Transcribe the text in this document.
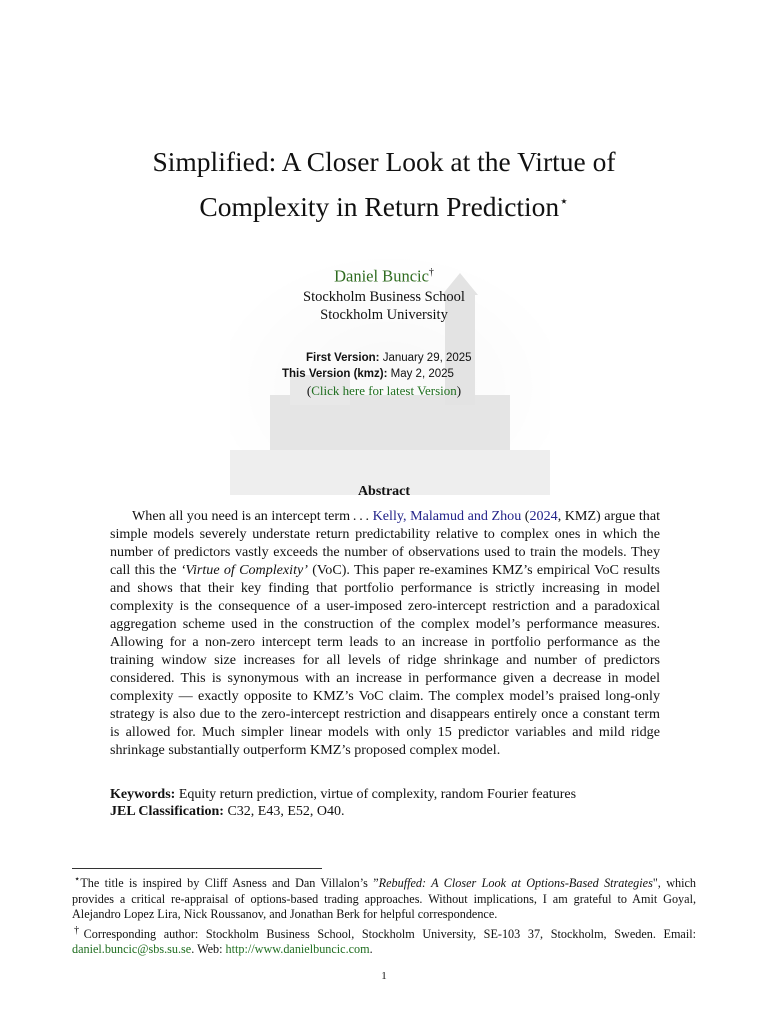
Simplified: A Closer Look at the Virtue of
Complexity in Return Prediction⋆
Daniel Buncic†
Stockholm Business School
Stockholm University
First Version: January 29, 2025
This Version (kmz): May 2, 2025
(Click here for latest Version)
Abstract
When all you need is an intercept term . . . Kelly, Malamud and Zhou (2024, KMZ) argue that simple models severely understate return predictability relative to complex ones in which the number of predictors vastly exceeds the number of observations used to train the models. They call this the ‘Virtue of Complexity’ (VoC). This paper re-examines KMZ’s empirical VoC results and shows that their key finding that portfolio performance is strictly increasing in model complexity is the consequence of a user-imposed zero-intercept restriction and a paradoxical aggregation scheme used in the construction of the complex model’s performance measures. Allowing for a non-zero intercept term leads to an increase in portfolio performance as the training window size increases for all levels of ridge shrinkage and number of predictors considered. This is synonymous with an increase in performance given a decrease in model complexity — exactly opposite to KMZ’s VoC claim. The complex model’s praised long-only strategy is also due to the zero-intercept restriction and disappears entirely once a constant term is allowed for. Much simpler linear models with only 15 predictor variables and mild ridge shrinkage substantially outperform KMZ’s proposed complex model.
Keywords: Equity return prediction, virtue of complexity, random Fourier features
JEL Classification: C32, E43, E52, O40.

⋆The title is inspired by Cliff Asness and Dan Villalon’s ”Rebuffed: A Closer Look at Options-Based Strategies", which provides a critical re-appraisal of options-based trading approaches. Without implications, I am grateful to Amit Goyal, Alejandro Lopez Lira, Nick Roussanov, and Jonathan Berk for helpful correspondence.

†Corresponding author: Stockholm Business School, Stockholm University, SE-103 37, Stockholm, Sweden. Email: daniel.buncic@sbs.su.se. Web: http://www.danielbuncic.com.

1
